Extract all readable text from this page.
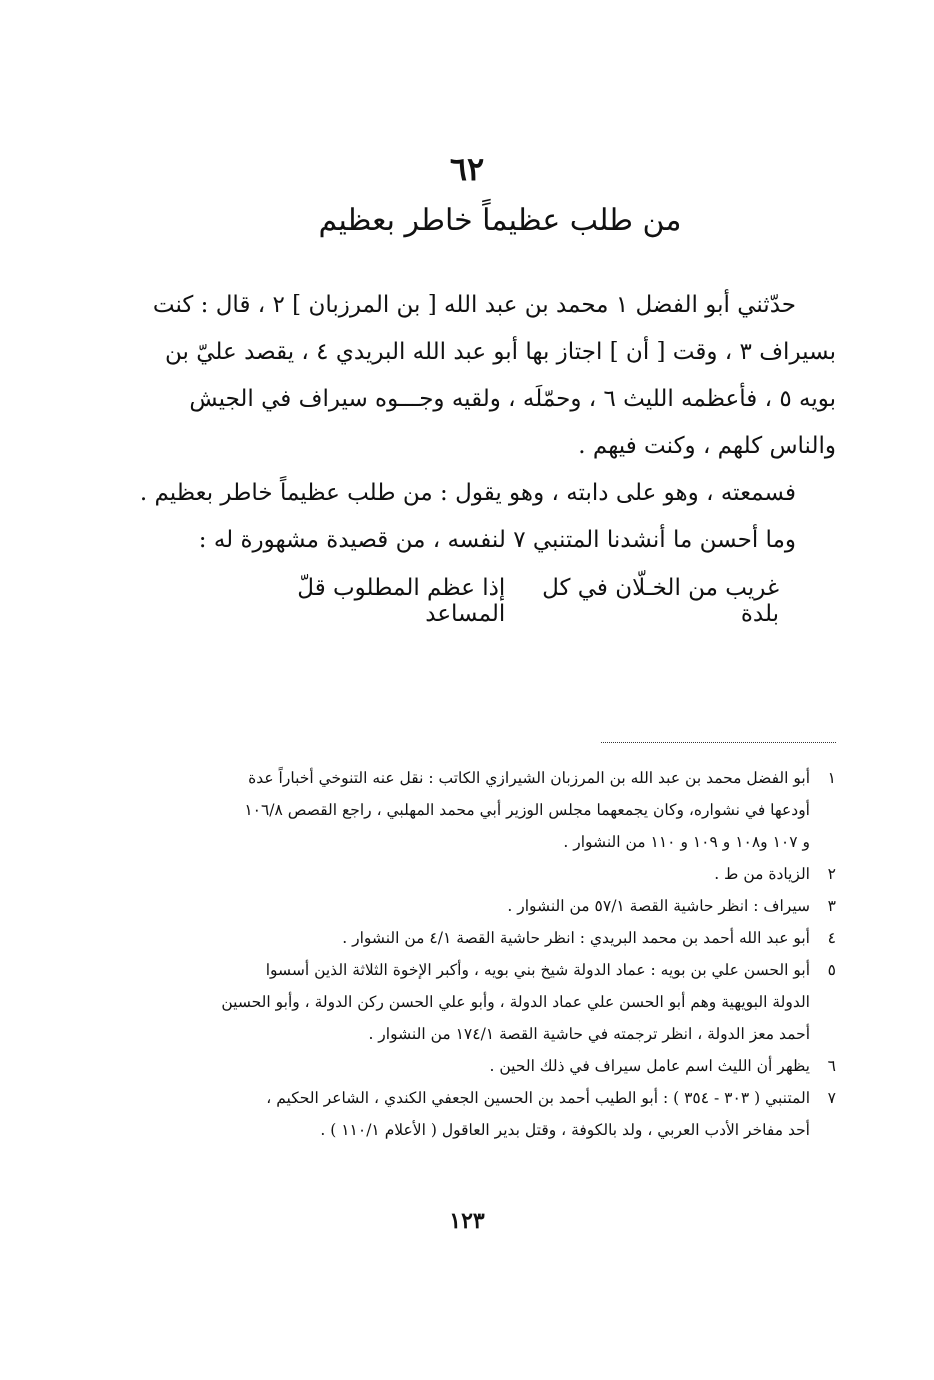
٦٢
من طلب عظيماً خاطر بعظيم

حدّثني أبو الفضل ١ محمد بن عبد الله [ بن المرزبان ] ٢ ، قال : كنت
بسيراف ٣ ، وقت [ أن ] اجتاز بها أبو عبد الله البريدي ٤ ، يقصد عليّ بن
بويه ٥ ، فأعظمه الليث ٦ ، وحمّلَه ، ولقيه وجـــوه سيراف في الجيش
والناس كلهم ، وكنت فيهم .

فسمعته ، وهو على دابته ، وهو يقول : من طلب عظيماً خاطر بعظيم .

وما أحسن ما أنشدنا المتنبي ٧ لنفسه ، من قصيدة مشهورة له :

غريب من الخـلّان في كل بلدة
إذا عظم المطلوب قلّ المساعد
١
أبو الفضل محمد بن عبد الله بن المرزبان الشيرازي الكاتب : نقل عنه التنوخي أخباراً عدة
أودعها في نشواره، وكان يجمعهما مجلس الوزير أبي محمد المهلبي ، راجع القصص ١٠٦/٨
و ١٠٧ و١٠٨ و ١٠٩ و ١١٠ من النشوار .
٢
الزيادة من ط .
٣
سيراف : انظر حاشية القصة ٥٧/١ من النشوار .
٤
أبو عبد الله أحمد بن محمد البريدي : انظر حاشية القصة ٤/١ من النشوار .
٥
أبو الحسن علي بن بويه : عماد الدولة شيخ بني بويه ، وأكبر الإخوة الثلاثة الذين أسسوا
الدولة البويهية وهم أبو الحسن علي عماد الدولة ، وأبو علي الحسن ركن الدولة ، وأبو الحسين
أحمد معز الدولة ، انظر ترجمته في حاشية القصة ١٧٤/١ من النشوار .
٦
يظهر أن الليث اسم عامل سيراف في ذلك الحين .
٧
المتنبي ( ٣٠٣ - ٣٥٤ ) : أبو الطيب أحمد بن الحسين الجعفي الكندي ، الشاعر الحكيم ،
أحد مفاخر الأدب العربي ، ولد بالكوفة ، وقتل بدير العاقول ( الأعلام ١١٠/١ ) .
١٢٣
